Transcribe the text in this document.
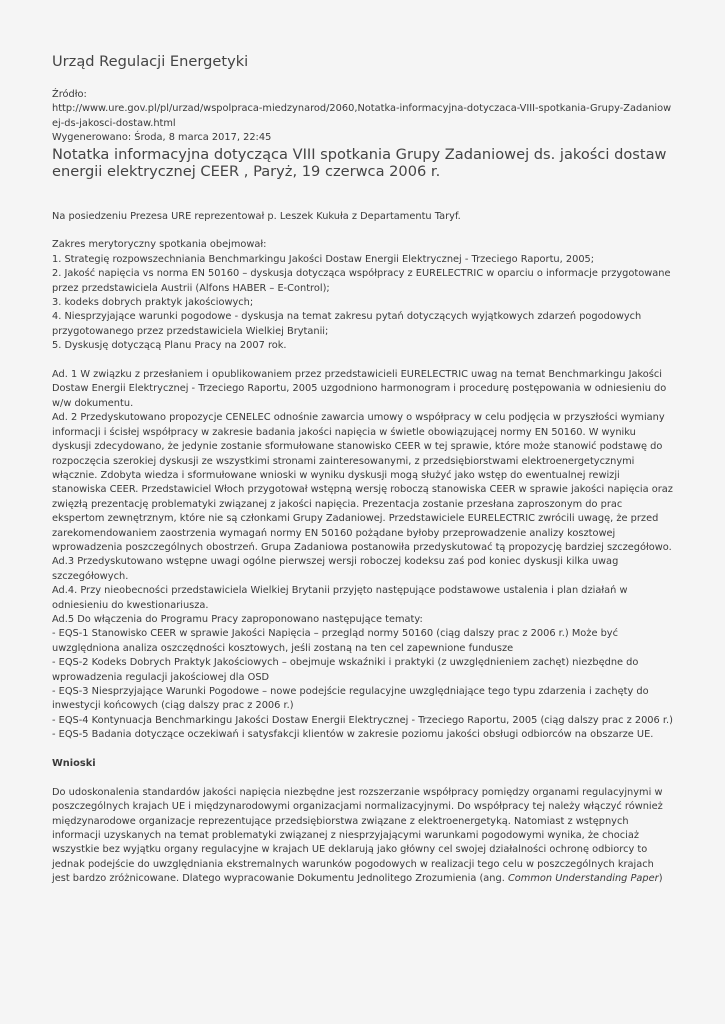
Urząd Regulacji Energetyki
Źródło:
http://www.ure.gov.pl/pl/urzad/wspolpraca-miedzynarod/2060,Notatka-informacyjna-dotyczaca-VIII-spotkania-Grupy-Zadaniowej-ds-jakosci-dostaw.html
Wygenerowano: Środa, 8 marca 2017, 22:45
Notatka informacyjna dotycząca VIII spotkania Grupy Zadaniowej ds. jakości dostaw energii elektrycznej CEER , Paryż, 19 czerwca 2006 r.

Na posiedzeniu Prezesa URE reprezentował p. Leszek Kukuła z Departamentu Taryf.

Zakres merytoryczny spotkania obejmował:
1. Strategię rozpowszechniania Benchmarkingu Jakości Dostaw Energii Elektrycznej - Trzeciego Raportu, 2005;
2. Jakość napięcia vs norma EN 50160 – dyskusja dotycząca współpracy z EURELECTRIC w oparciu o informacje przygotowane przez przedstawiciela Austrii (Alfons HABER – E-Control);
3. kodeks dobrych praktyk jakościowych;
4. Niesprzyjające warunki pogodowe - dyskusja na temat zakresu pytań dotyczących wyjątkowych zdarzeń pogodowych przygotowanego przez przedstawiciela Wielkiej Brytanii;
5. Dyskusję dotyczącą Planu Pracy na 2007 rok.
Ad. 1 W związku z przesłaniem i opublikowaniem przez przedstawicieli EURELECTRIC uwag na temat Benchmarkingu Jakości Dostaw Energii Elektrycznej - Trzeciego Raportu, 2005 uzgodniono harmonogram i procedurę postępowania w odniesieniu do w/w dokumentu.
Ad. 2 Przedyskutowano propozycje CENELEC odnośnie zawarcia umowy o współpracy w celu podjęcia w przyszłości wymiany informacji i ścisłej współpracy w zakresie badania jakości napięcia w świetle obowiązującej normy EN 50160. W wyniku dyskusji zdecydowano, że jedynie zostanie sformułowane stanowisko CEER w tej sprawie, które może stanowić podstawę do rozpoczęcia szerokiej dyskusji ze wszystkimi stronami zainteresowanymi, z przedsiębiorstwami elektroenergetycznymi włącznie. Zdobyta wiedza i sformułowane wnioski w wyniku dyskusji mogą służyć jako wstęp do ewentualnej rewizji stanowiska CEER. Przedstawiciel Włoch przygotował wstępną wersję roboczą stanowiska CEER w sprawie jakości napięcia oraz zwięzłą prezentację problematyki związanej z jakości napięcia. Prezentacja zostanie przesłana zaproszonym do prac ekspertom zewnętrznym, które nie są członkami Grupy Zadaniowej. Przedstawiciele EURELECTRIC zwrócili uwagę, że przed zarekomendowaniem zaostrzenia wymagań normy EN 50160 pożądane byłoby przeprowadzenie analizy kosztowej wprowadzenia poszczególnych obostrzeń. Grupa Zadaniowa postanowiła przedyskutować tą propozycję bardziej szczegółowo.
Ad.3 Przedyskutowano wstępne uwagi ogólne pierwszej wersji roboczej kodeksu zaś pod koniec dyskusji kilka uwag szczegółowych.
Ad.4. Przy nieobecności przedstawiciela Wielkiej Brytanii przyjęto następujące podstawowe ustalenia i plan działań w odniesieniu do kwestionariusza.
Ad.5 Do włączenia do Programu Pracy zaproponowano następujące tematy:
- EQS-1 Stanowisko CEER w sprawie Jakości Napięcia – przegląd normy 50160 (ciąg dalszy prac z 2006 r.) Może być uwzględniona analiza oszczędności kosztowych, jeśli zostaną na ten cel zapewnione fundusze
- EQS-2 Kodeks Dobrych Praktyk Jakościowych – obejmuje wskaźniki i praktyki (z uwzględnieniem zachęt) niezbędne do wprowadzenia regulacji jakościowej dla OSD
- EQS-3 Niesprzyjające Warunki Pogodowe – nowe podejście regulacyjne uwzględniające tego typu zdarzenia i zachęty do inwestycji końcowych (ciąg dalszy prac z 2006 r.)
- EQS-4 Kontynuacja Benchmarkingu Jakości Dostaw Energii Elektrycznej - Trzeciego Raportu, 2005 (ciąg dalszy prac z 2006 r.)
- EQS-5 Badania dotyczące oczekiwań i satysfakcji klientów w zakresie poziomu jakości obsługi odbiorców na obszarze UE.
Wnioski

Do udoskonalenia standardów jakości napięcia niezbędne jest rozszerzanie współpracy pomiędzy organami regulacyjnymi w poszczególnych krajach UE i międzynarodowymi organizacjami normalizacyjnymi. Do współpracy tej należy włączyć również międzynarodowe organizacje reprezentujące przedsiębiorstwa związane z elektroenergetyką. Natomiast z wstępnych informacji uzyskanych na temat problematyki związanej z niesprzyjającymi warunkami pogodowymi wynika, że chociaż wszystkie bez wyjątku organy regulacyjne w krajach UE deklarują jako główny cel swojej działalności ochronę odbiorcy to jednak podejście do uwzględniania ekstremalnych warunków pogodowych w realizacji tego celu w poszczególnych krajach jest bardzo zróżnicowane. Dlatego wypracowanie Dokumentu Jednolitego Zrozumienia (ang. Common Understanding Paper)
